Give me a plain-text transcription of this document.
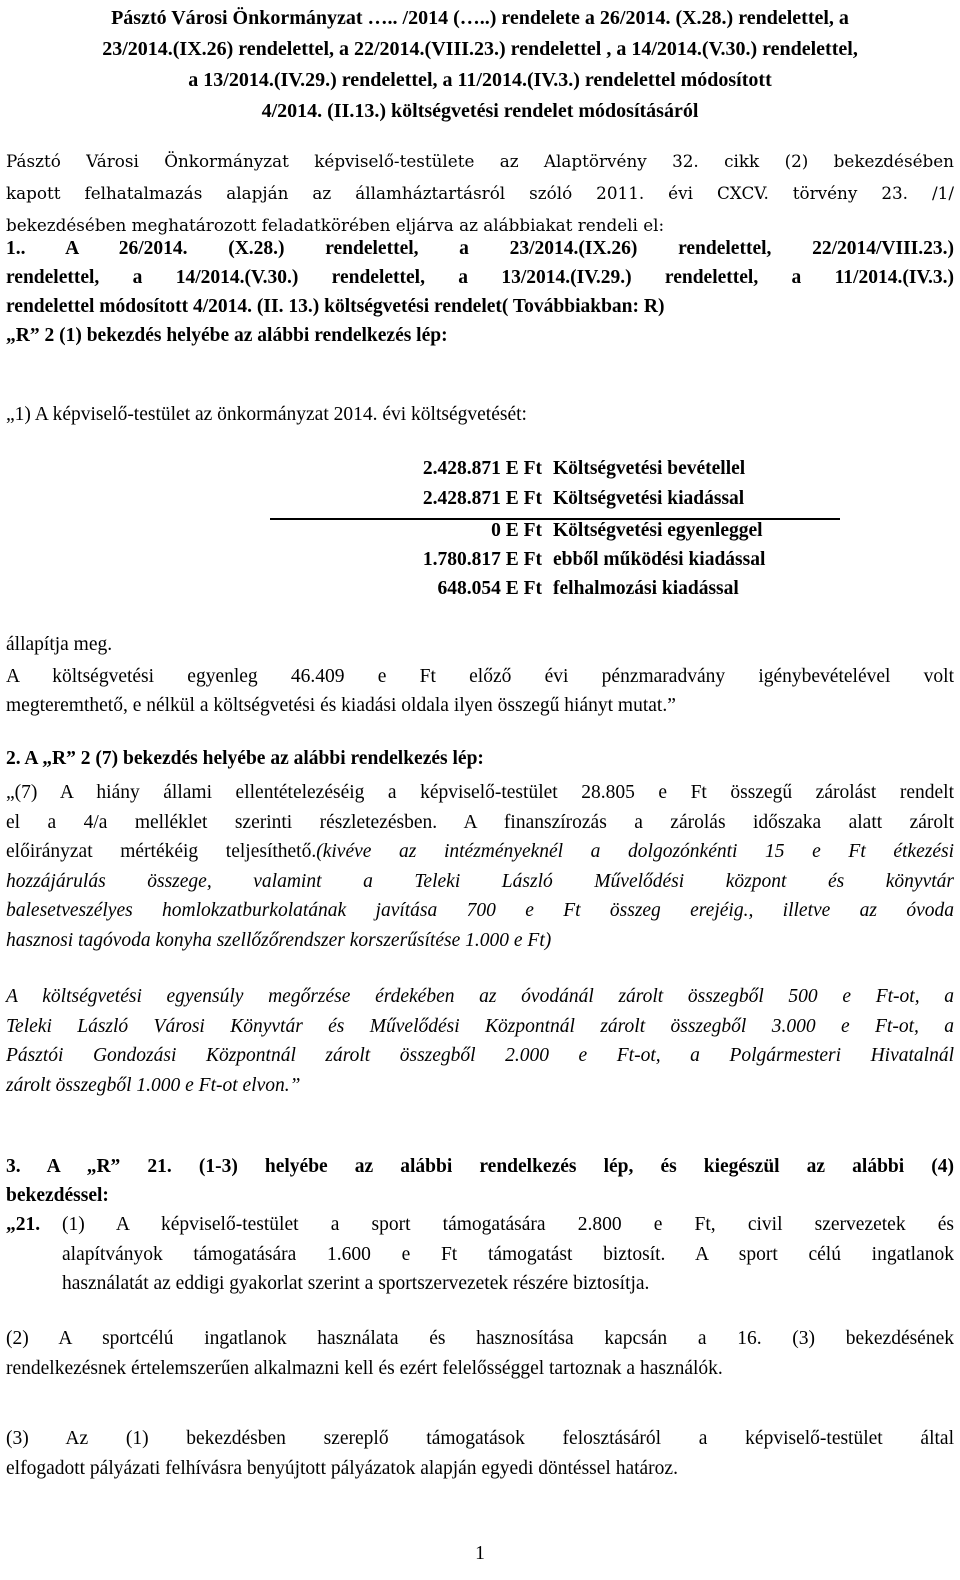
Pásztó Városi Önkormányzat ….. /2014 (…..) rendelete a 26/2014. (X.28.) rendelettel, a
23/2014.(IX.26) rendelettel, a 22/2014.(VIII.23.) rendelettel , a 14/2014.(V.30.) rendelettel,
a 13/2014.(IV.29.) rendelettel, a 11/2014.(IV.3.) rendelettel módosított
4/2014. (II.13.) költségvetési rendelet módosításáról
Pásztó Városi Önkormányzat képviselő-testülete az Alaptörvény 32. cikk (2) bekezdésében
kapott felhatalmazás alapján az államháztartásról szóló 2011. évi CXCV. törvény 23. /1/
bekezdésében meghatározott feladatkörében eljárva az alábbiakat rendeli el:
1.. A 26/2014. (X.28.) rendelettel, a 23/2014.(IX.26) rendelettel, 22/2014/VIII.23.)
rendelettel, a 14/2014.(V.30.) rendelettel, a 13/2014.(IV.29.) rendelettel, a 11/2014.(IV.3.)
rendelettel módosított 4/2014. (II. 13.) költségvetési rendelet( Továbbiakban: R)
„R” 2 (1) bekezdés helyébe az alábbi rendelkezés lép:
„1) A képviselő-testület az önkormányzat 2014. évi költségvetését:
2.428.871 E Ft Költségvetési bevétellel
2.428.871 E Ft Költségvetési kiadással
0 E Ft Költségvetési egyenleggel
1.780.817 E Ft ebből működési kiadással
648.054 E Ft felhalmozási kiadással
állapítja meg.
A költségvetési egyenleg 46.409 e Ft előző évi pénzmaradvány igénybevételével volt
megteremthető, e nélkül a költségvetési és kiadási oldala ilyen összegű hiányt mutat.”
2. A „R” 2 (7) bekezdés helyébe az alábbi rendelkezés lép:
„(7) A hiány állami ellentételezéséig a képviselő-testület 28.805 e Ft összegű zárolást rendelt
el a 4/a melléklet szerinti részletezésben. A finanszírozás a zárolás időszaka alatt zárolt
előirányzat mértékéig teljesíthető.(kivéve az intézményeknél a dolgozónkénti 15 e Ft étkezési
hozzájárulás összege, valamint a Teleki László Művelődési központ és könyvtár
balesetveszélyes homlokzatburkolatának javítása 700 e Ft összeg erejéig., illetve az óvoda
hasznosi tagóvoda konyha szellőzőrendszer korszerűsítése 1.000 e Ft)
A költségvetési egyensúly megőrzése érdekében az óvodánál zárolt összegből 500 e Ft-ot, a
Teleki László Városi Könyvtár és Művelődési Központnál zárolt összegből 3.000 e Ft-ot, a
Pásztói Gondozási Központnál zárolt összegből 2.000 e Ft-ot, a Polgármesteri Hivatalnál
zárolt összegből 1.000 e Ft-ot elvon.”
3. A „R” 21. (1-3) helyébe az alábbi rendelkezés lép, és kiegészül az alábbi (4)
bekezdéssel:
„21. (1) A képviselő-testület a sport támogatására 2.800 e Ft, civil szervezetek és
alapítványok támogatására 1.600 e Ft támogatást biztosít. A sport célú ingatlanok
használatát az eddigi gyakorlat szerint a sportszervezetek részére biztosítja.
(2) A sportcélú ingatlanok használata és hasznosítása kapcsán a 16. (3) bekezdésének
rendelkezésnek értelemszerűen alkalmazni kell és ezért felelősséggel tartoznak a használók.
(3) Az (1) bekezdésben szereplő támogatások felosztásáról a képviselő-testület által
elfogadott pályázati felhívásra benyújtott pályázatok alapján egyedi döntéssel határoz.
1
